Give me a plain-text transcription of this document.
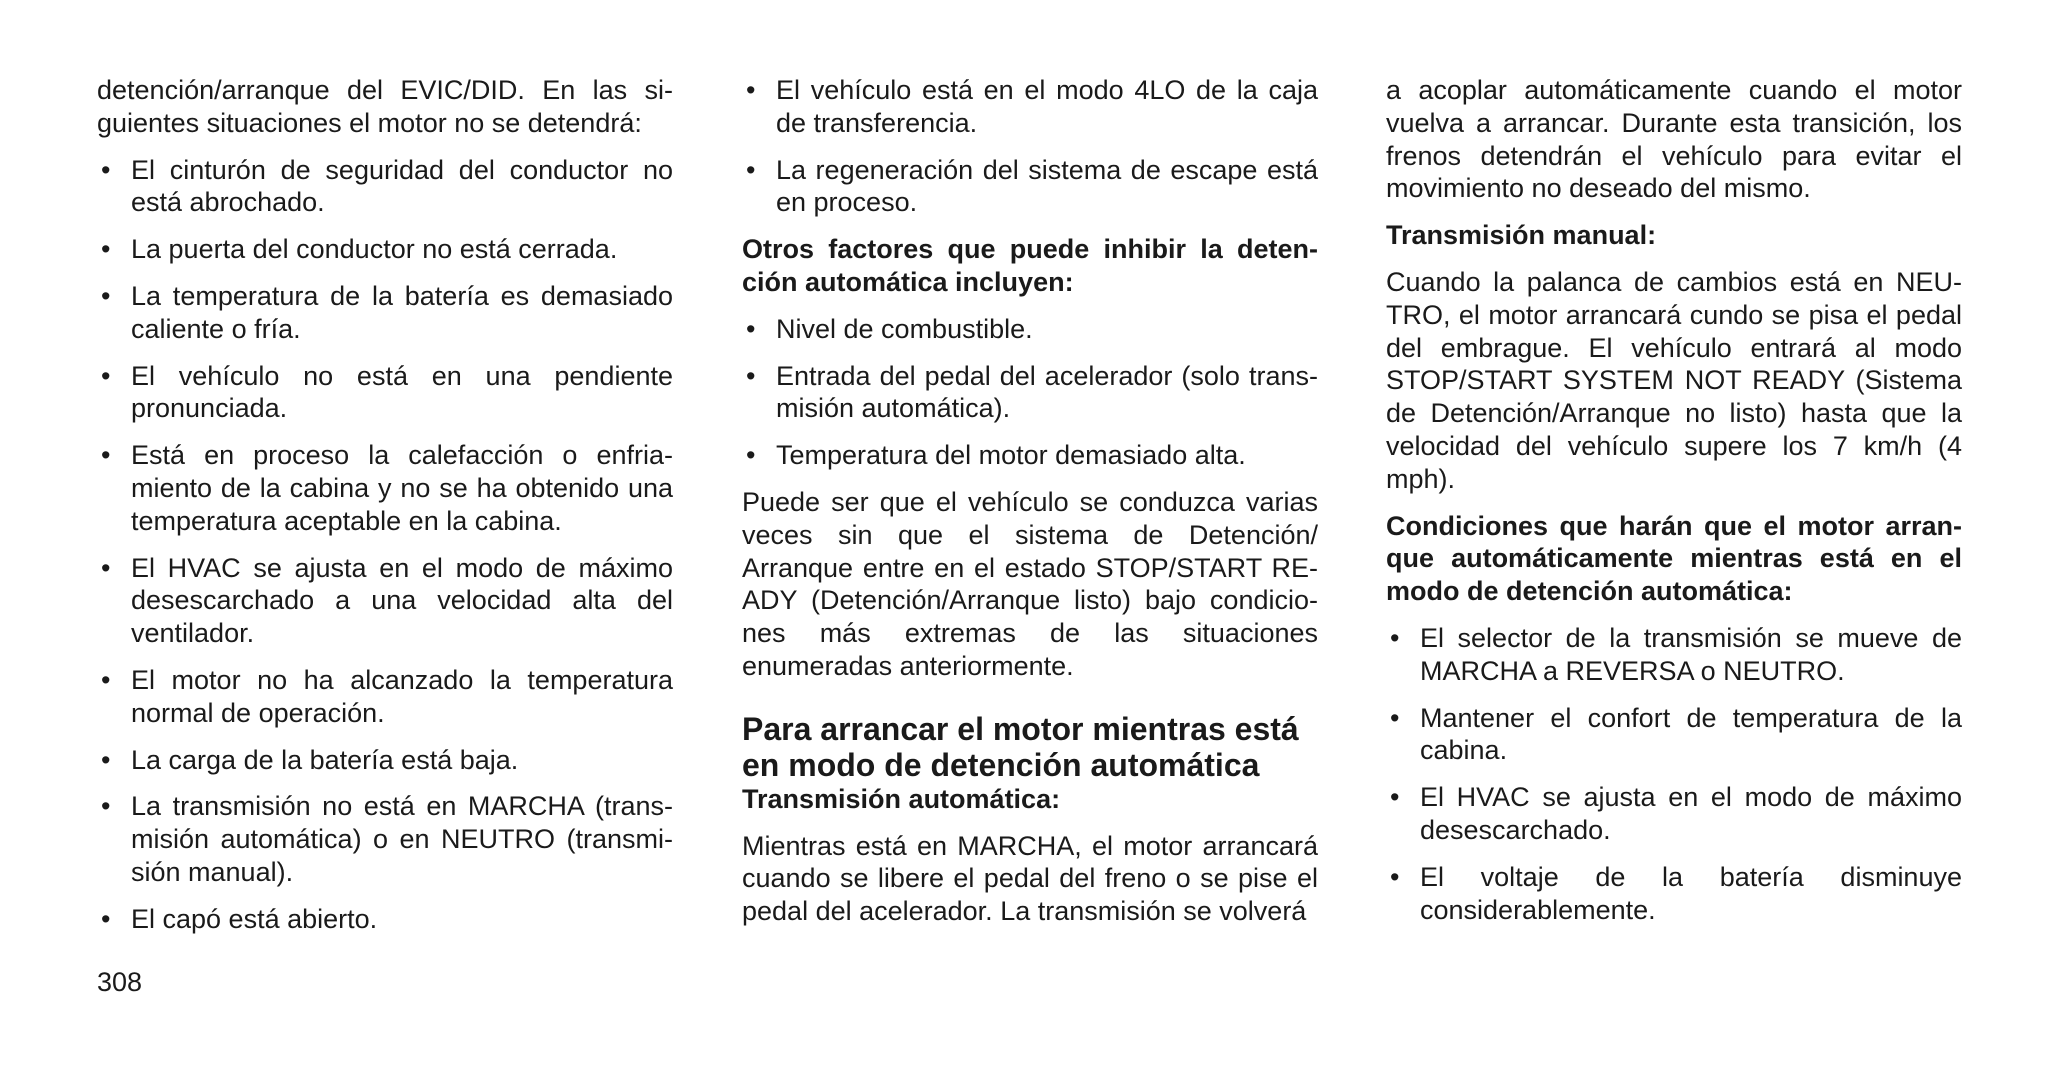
detención/arranque del EVIC/DID. En las siguientes situaciones el motor no se detendrá:

• El cinturón de seguridad del conductor no está abrochado.
• La puerta del conductor no está cerrada.
• La temperatura de la batería es demasiado caliente o fría.
• El vehículo no está en una pendiente pronunciada.
• Está en proceso la calefacción o enfriamiento de la cabina y no se ha obtenido una temperatura aceptable en la cabina.
• El HVAC se ajusta en el modo de máximo desescarchado a una velocidad alta del ventilador.
• El motor no ha alcanzado la temperatura normal de operación.
• La carga de la batería está baja.
• La transmisión no está en MARCHA (transmisión automática) o en NEUTRO (transmisión manual).
• El capó está abierto.
• El vehículo está en el modo 4LO de la caja de transferencia.
• La regeneración del sistema de escape está en proceso.

Otros factores que puede inhibir la detención automática incluyen:

• Nivel de combustible.
• Entrada del pedal del acelerador (solo transmisión automática).
• Temperatura del motor demasiado alta.

Puede ser que el vehículo se conduzca varias veces sin que el sistema de Detención/ Arranque entre en el estado STOP/START READY (Detención/Arranque listo) bajo condiciones más extremas de las situaciones enumeradas anteriormente.

Para arrancar el motor mientras está en modo de detención automática

Transmisión automática:

Mientras está en MARCHA, el motor arrancará cuando se libere el pedal del freno o se pise el pedal del acelerador. La transmisión se volverá

a acoplar automáticamente cuando el motor vuelva a arrancar. Durante esta transición, los frenos detendrán el vehículo para evitar el movimiento no deseado del mismo.

Transmisión manual:

Cuando la palanca de cambios está en NEUTRO, el motor arrancará cundo se pisa el pedal del embrague. El vehículo entrará al modo STOP/START SYSTEM NOT READY (Sistema de Detención/Arranque no listo) hasta que la velocidad del vehículo supere los 7 km/h (4 mph).

Condiciones que harán que el motor arranque automáticamente mientras está en el modo de detención automática:

• El selector de la transmisión se mueve de MARCHA a REVERSA o NEUTRO.
• Mantener el confort de temperatura de la cabina.
• El HVAC se ajusta en el modo de máximo desescarchado.
• El voltaje de la batería disminuye considerablemente.
308
